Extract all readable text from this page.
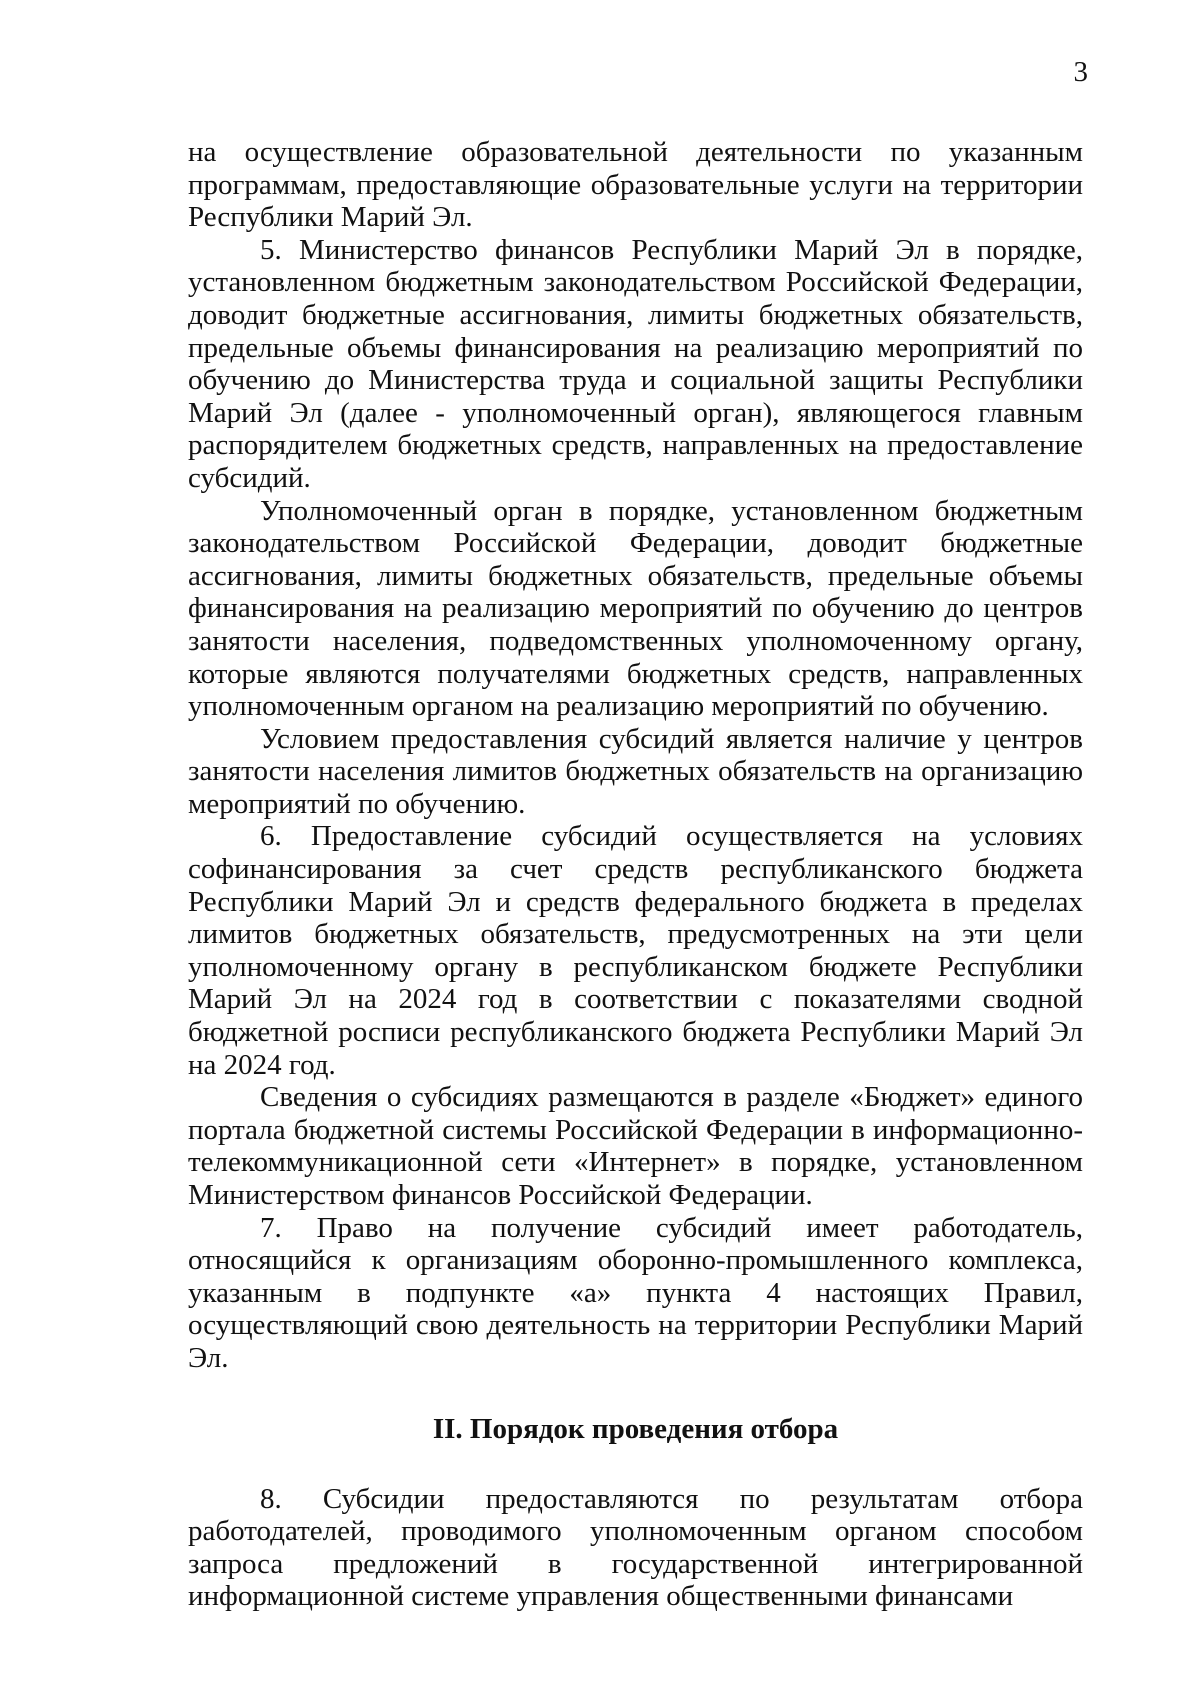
3

на осуществление образовательной деятельности по указанным программам, предоставляющие образовательные услуги на территории Республики Марий Эл.

5. Министерство финансов Республики Марий Эл в порядке, установленном бюджетным законодательством Российской Федерации, доводит бюджетные ассигнования, лимиты бюджетных обязательств, предельные объемы финансирования на реализацию мероприятий по обучению до Министерства труда и социальной защиты Республики Марий Эл (далее - уполномоченный орган), являющегося главным распорядителем бюджетных средств, направленных на предоставление субсидий.

Уполномоченный орган в порядке, установленном бюджетным законодательством Российской Федерации, доводит бюджетные ассигнования, лимиты бюджетных обязательств, предельные объемы финансирования на реализацию мероприятий по обучению до центров занятости населения, подведомственных уполномоченному органу, которые являются получателями бюджетных средств, направленных уполномоченным органом на реализацию мероприятий по обучению.

Условием предоставления субсидий является наличие у центров занятости населения лимитов бюджетных обязательств на организацию мероприятий по обучению.

6. Предоставление субсидий осуществляется на условиях софинансирования за счет средств республиканского бюджета Республики Марий Эл и средств федерального бюджета в пределах лимитов бюджетных обязательств, предусмотренных на эти цели уполномоченному органу в республиканском бюджете Республики Марий Эл на 2024 год в соответствии с показателями сводной бюджетной росписи республиканского бюджета Республики Марий Эл на 2024 год.

Сведения о субсидиях размещаются в разделе «Бюджет» единого портала бюджетной системы Российской Федерации в информационно-телекоммуникационной сети «Интернет» в порядке, установленном Министерством финансов Российской Федерации.

7. Право на получение субсидий имеет работодатель, относящийся к организациям оборонно-промышленного комплекса, указанным в подпункте «а» пункта 4 настоящих Правил, осуществляющий свою деятельность на территории Республики Марий Эл.

II. Порядок проведения отбора

8. Субсидии предоставляются по результатам отбора работодателей, проводимого уполномоченным органом способом запроса предложений в государственной интегрированной информационной системе управления общественными финансами
